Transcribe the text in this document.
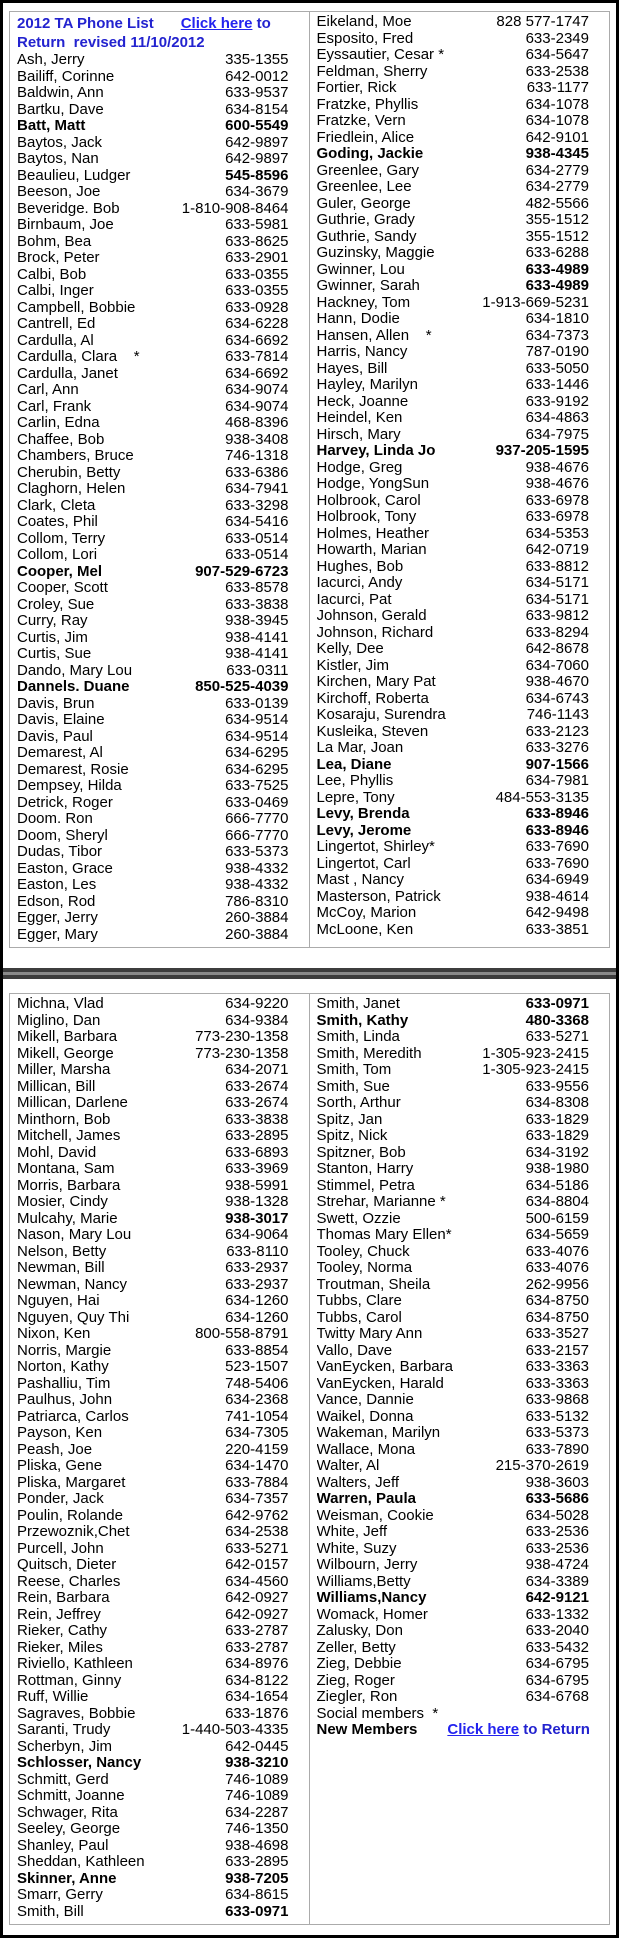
2012 TA Phone List Click here to Return  revised 11/10/2012
Ash, Jerry	335-1355
Bailiff, Corinne	642-0012
Baldwin, Ann	633-9537
Bartku, Dave	634-8154
Batt, Matt	600-5549
Baytos, Jack	642-9897
Baytos, Nan	642-9897
Beaulieu, Ludger	545-8596
Beeson, Joe	634-3679
Beveridge. Bob	1-810-908-8464
Birnbaum, Joe	633-5981
Bohm, Bea	633-8625
Brock, Peter	633-2901
Calbi, Bob	633-0355
Calbi, Inger	633-0355
Campbell, Bobbie	633-0928
Cantrell, Ed	634-6228
Cardulla, Al	634-6692
Cardulla, Clara    *	633-7814
Cardulla, Janet	634-6692
Carl, Ann	634-9074
Carl, Frank	634-9074
Carlin, Edna	468-8396
Chaffee, Bob	938-3408
Chambers, Bruce	746-1318
Cherubin, Betty	633-6386
Claghorn, Helen	634-7941
Clark, Cleta	633-3298
Coates, Phil	634-5416
Collom, Terry	633-0514
Collom, Lori	633-0514
Cooper, Mel	907-529-6723
Cooper, Scott	633-8578
Croley, Sue	633-3838
Curry, Ray	938-3945
Curtis, Jim	938-4141
Curtis, Sue	938-4141
Dando, Mary Lou	633-0311
Dannels. Duane	850-525-4039
Davis, Brun	633-0139
Davis, Elaine	634-9514
Davis, Paul	634-9514
Demarest, Al	634-6295
Demarest, Rosie	634-6295
Dempsey, Hilda	633-7525
Detrick, Roger	633-0469
Doom. Ron	666-7770
Doom, Sheryl	666-7770
Dudas, Tibor	633-5373
Easton, Grace	938-4332
Easton, Les	938-4332
Edson, Rod	786-8310
Egger, Jerry	260-3884
Egger, Mary	260-3884
Eikeland, Moe	828 577-1747
Esposito, Fred	633-2349
Eyssautier, Cesar *	634-5647
Feldman, Sherry	633-2538
Fortier, Rick	633-1177
Fratzke, Phyllis	634-1078
Fratzke, Vern	634-1078
Friedlein, Alice	642-9101
Goding, Jackie	938-4345
Greenlee, Gary	634-2779
Greenlee, Lee	634-2779
Guler, George	482-5566
Guthrie, Grady	355-1512
Guthrie, Sandy	355-1512
Guzinsky, Maggie	633-6288
Gwinner, Lou	633-4989
Gwinner, Sarah	633-4989
Hackney, Tom	1-913-669-5231
Hann, Dodie	634-1810
Hansen, Allen    *	634-7373
Harris, Nancy	787-0190
Hayes, Bill	633-5050
Hayley, Marilyn	633-1446
Heck, Joanne	633-9192
Heindel, Ken	634-4863
Hirsch, Mary	634-7975
Harvey, Linda Jo	937-205-1595
Hodge, Greg	938-4676
Hodge, YongSun	938-4676
Holbrook, Carol	633-6978
Holbrook, Tony	633-6978
Holmes, Heather	634-5353
Howarth, Marian	642-0719
Hughes, Bob	633-8812
Iacurci, Andy	634-5171
Iacurci, Pat	634-5171
Johnson, Gerald	633-9812
Johnson, Richard	633-8294
Kelly, Dee	642-8678
Kistler, Jim	634-7060
Kirchen, Mary Pat	938-4670
Kirchoff, Roberta	634-6743
Kosaraju, Surendra	746-1143
Kusleika, Steven	633-2123
La Mar, Joan	633-3276
Lea, Diane	907-1566
Lee, Phyllis	634-7981
Lepre, Tony	484-553-3135
Levy, Brenda	633-8946
Levy, Jerome	633-8946
Lingertot, Shirley*	633-7690
Lingertot, Carl	633-7690
Mast , Nancy	634-6949
Masterson, Patrick	938-4614
McCoy, Marion	642-9498
McLoone, Ken	633-3851
Michna, Vlad	634-9220
Miglino, Dan	634-9384
Mikell, Barbara	773-230-1358
Mikell, George	773-230-1358
Miller, Marsha	634-2071
Millican, Bill	633-2674
Millican, Darlene	633-2674
Minthorn, Bob	633-3838
Mitchell, James	633-2895
Mohl, David	633-6893
Montana, Sam	633-3969
Morris, Barbara	938-5991
Mosier, Cindy	938-1328
Mulcahy, Marie	938-3017
Nason, Mary Lou	634-9064
Nelson, Betty	633-8110
Newman, Bill	633-2937
Newman, Nancy	633-2937
Nguyen, Hai	634-1260
Nguyen, Quy Thi	634-1260
Nixon, Ken	800-558-8791
Norris, Margie	633-8854
Norton, Kathy	523-1507
Pashalliu, Tim	748-5406
Paulhus, John	634-2368
Patriarca, Carlos	741-1054
Payson, Ken	634-7305
Peash, Joe	220-4159
Pliska, Gene	634-1470
Pliska, Margaret	633-7884
Ponder, Jack	634-7357
Poulin, Rolande	642-9762
Przewoznik,Chet	634-2538
Purcell, John	633-5271
Quitsch, Dieter	642-0157
Reese, Charles	634-4560
Rein, Barbara	642-0927
Rein, Jeffrey	642-0927
Rieker, Cathy	633-2787
Rieker, Miles	633-2787
Riviello, Kathleen	634-8976
Rottman, Ginny	634-8122
Ruff, Willie	634-1654
Sagraves, Bobbie	633-1876
Saranti, Trudy	1-440-503-4335
Scherbyn, Jim	642-0445
Schlosser, Nancy	938-3210
Schmitt, Gerd	746-1089
Schmitt, Joanne	746-1089
Schwager, Rita	634-2287
Seeley, George	746-1350
Shanley, Paul	938-4698
Sheddan, Kathleen	633-2895
Skinner, Anne	938-7205
Smarr, Gerry	634-8615
Smith, Bill	633-0971
Smith, Janet	633-0971
Smith, Kathy	480-3368
Smith, Linda	633-5271
Smith, Meredith	1-305-923-2415
Smith, Tom	1-305-923-2415
Smith, Sue	633-9556
Sorth, Arthur	634-8308
Spitz, Jan	633-1829
Spitz, Nick	633-1829
Spitzner, Bob	634-3192
Stanton, Harry	938-1980
Stimmel, Petra	634-5186
Strehar, Marianne *	634-8804
Swett, Ozzie	500-6159
Thomas Mary Ellen*	634-5659
Tooley, Chuck	633-4076
Tooley, Norma	633-4076
Troutman, Sheila	262-9956
Tubbs, Clare	634-8750
Tubbs, Carol	634-8750
Twitty Mary Ann	633-3527
Vallo, Dave	633-2157
VanEycken, Barbara	633-3363
VanEycken, Harald	633-3363
Vance, Dannie	633-9868
Waikel, Donna	633-5132
Wakeman, Marilyn	633-5373
Wallace, Mona	633-7890
Walter, Al	215-370-2619
Walters, Jeff	938-3603
Warren, Paula	633-5686
Weisman, Cookie	634-5028
White, Jeff	633-2536
White, Suzy	633-2536
Wilbourn, Jerry	938-4724
Williams,Betty	634-3389
Williams,Nancy	642-9121
Womack, Homer	633-1332
Zalusky, Don	633-2040
Zeller, Betty	633-5432
Zieg, Debbie	634-6795
Zieg, Roger	634-6795
Ziegler, Ron	634-6768
Social members  *
New Members Click here to Return
